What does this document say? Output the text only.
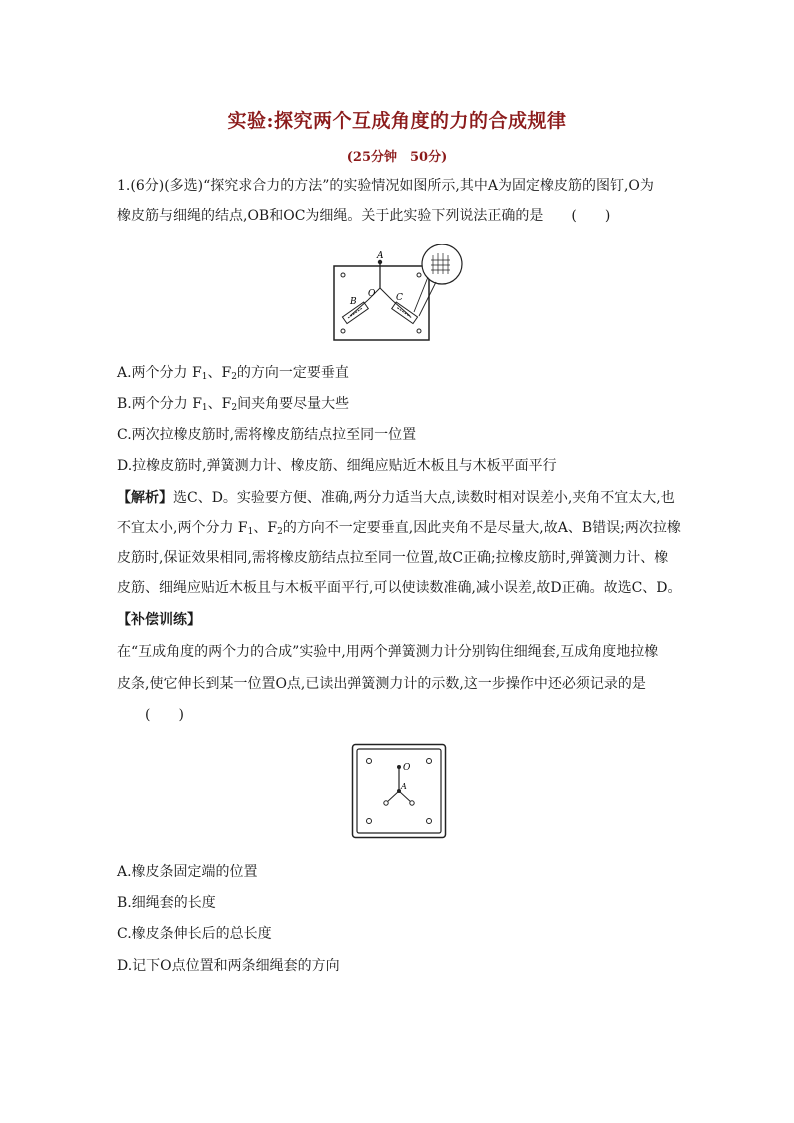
实验:探究两个互成角度的力的合成规律
(25分钟　50分)
1.(6分)(多选)“探究求合力的方法”的实验情况如图所示,其中A为固定橡皮筋的图钉,O为
橡皮筋与细绳的结点,OB和OC为细绳。关于此实验下列说法正确的是　　(　　)
A
O
B	C
A.两个分力 $F_1$、$F_2$的方向一定要垂直
B.两个分力 $F_1$、$F_2$间夹角要尽量大些
C.两次拉橡皮筋时,需将橡皮筋结点拉至同一位置
D.拉橡皮筋时,弹簧测力计、橡皮筋、细绳应贴近木板且与木板平面平行
【解析】选C、D。实验要方便、准确,两分力适当大点,读数时相对误差小,夹角不宜太大,也
不宜太小,两个分力 $F_1$、$F_2$的方向不一定要垂直,因此夹角不是尽量大,故A、B错误;两次拉橡
皮筋时,保证效果相同,需将橡皮筋结点拉至同一位置,故C正确;拉橡皮筋时,弹簧测力计、橡
皮筋、细绳应贴近木板且与木板平面平行,可以使读数准确,减小误差,故D正确。故选C、D。
【补偿训练】
在“互成角度的两个力的合成”实验中,用两个弹簧测力计分别钩住细绳套,互成角度地拉橡
皮条,使它伸长到某一位置O点,已读出弹簧测力计的示数,这一步操作中还必须记录的是
　　(　　)
O
A
A.橡皮条固定端的位置
B.细绳套的长度
C.橡皮条伸长后的总长度
D.记下O点位置和两条细绳套的方向
